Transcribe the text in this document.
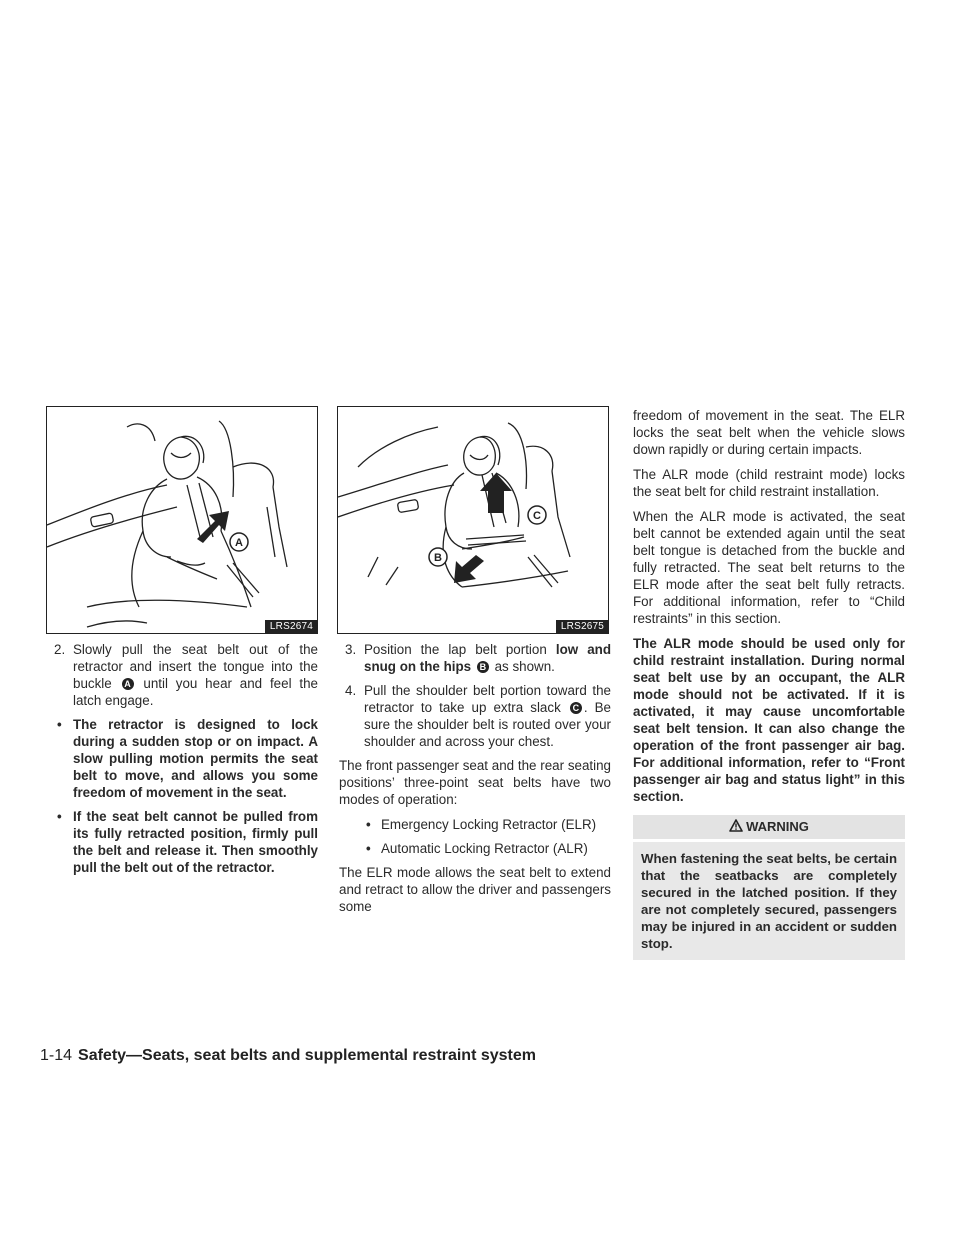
A
LRS2674
C
B
LRS2675
2. Slowly pull the seat belt out of the retractor and insert the tongue into the buckle A until you hear and feel the latch engage.
• The retractor is designed to lock during a sudden stop or on impact. A slow pulling motion permits the seat belt to move, and allows you some freedom of movement in the seat.
• If the seat belt cannot be pulled from its fully retracted position, firmly pull the belt and release it. Then smoothly pull the belt out of the retractor.
3. Position the lap belt portion low and snug on the hips B as shown.
4. Pull the shoulder belt portion toward the retractor to take up extra slack C . Be sure the shoulder belt is routed over your shoulder and across your chest.

The front passenger seat and the rear seating positions’ three-point seat belts have two modes of operation:

• Emergency Locking Retractor (ELR)
• Automatic Locking Retractor (ALR)

The ELR mode allows the seat belt to extend and retract to allow the driver and passengers some

freedom of movement in the seat. The ELR locks the seat belt when the vehicle slows down rapidly or during certain impacts.

The ALR mode (child restraint mode) locks the seat belt for child restraint installation.

When the ALR mode is activated, the seat belt cannot be extended again until the seat belt tongue is detached from the buckle and fully retracted. The seat belt returns to the ELR mode after the seat belt fully retracts. For additional information, refer to “Child restraints” in this section.

The ALR mode should be used only for child restraint installation. During normal seat belt use by an occupant, the ALR mode should not be activated. If it is activated, it may cause uncomfortable seat belt tension. It can also change the operation of the front passenger air bag. For additional information, refer to “Front passenger air bag and status light” in this section.

WARNING
When fastening the seat belts, be certain that the seatbacks are completely secured in the latched position. If they are not completely secured, passengers may be injured in an accident or sudden stop.
1-14 Safety—Seats, seat belts and supplemental restraint system
